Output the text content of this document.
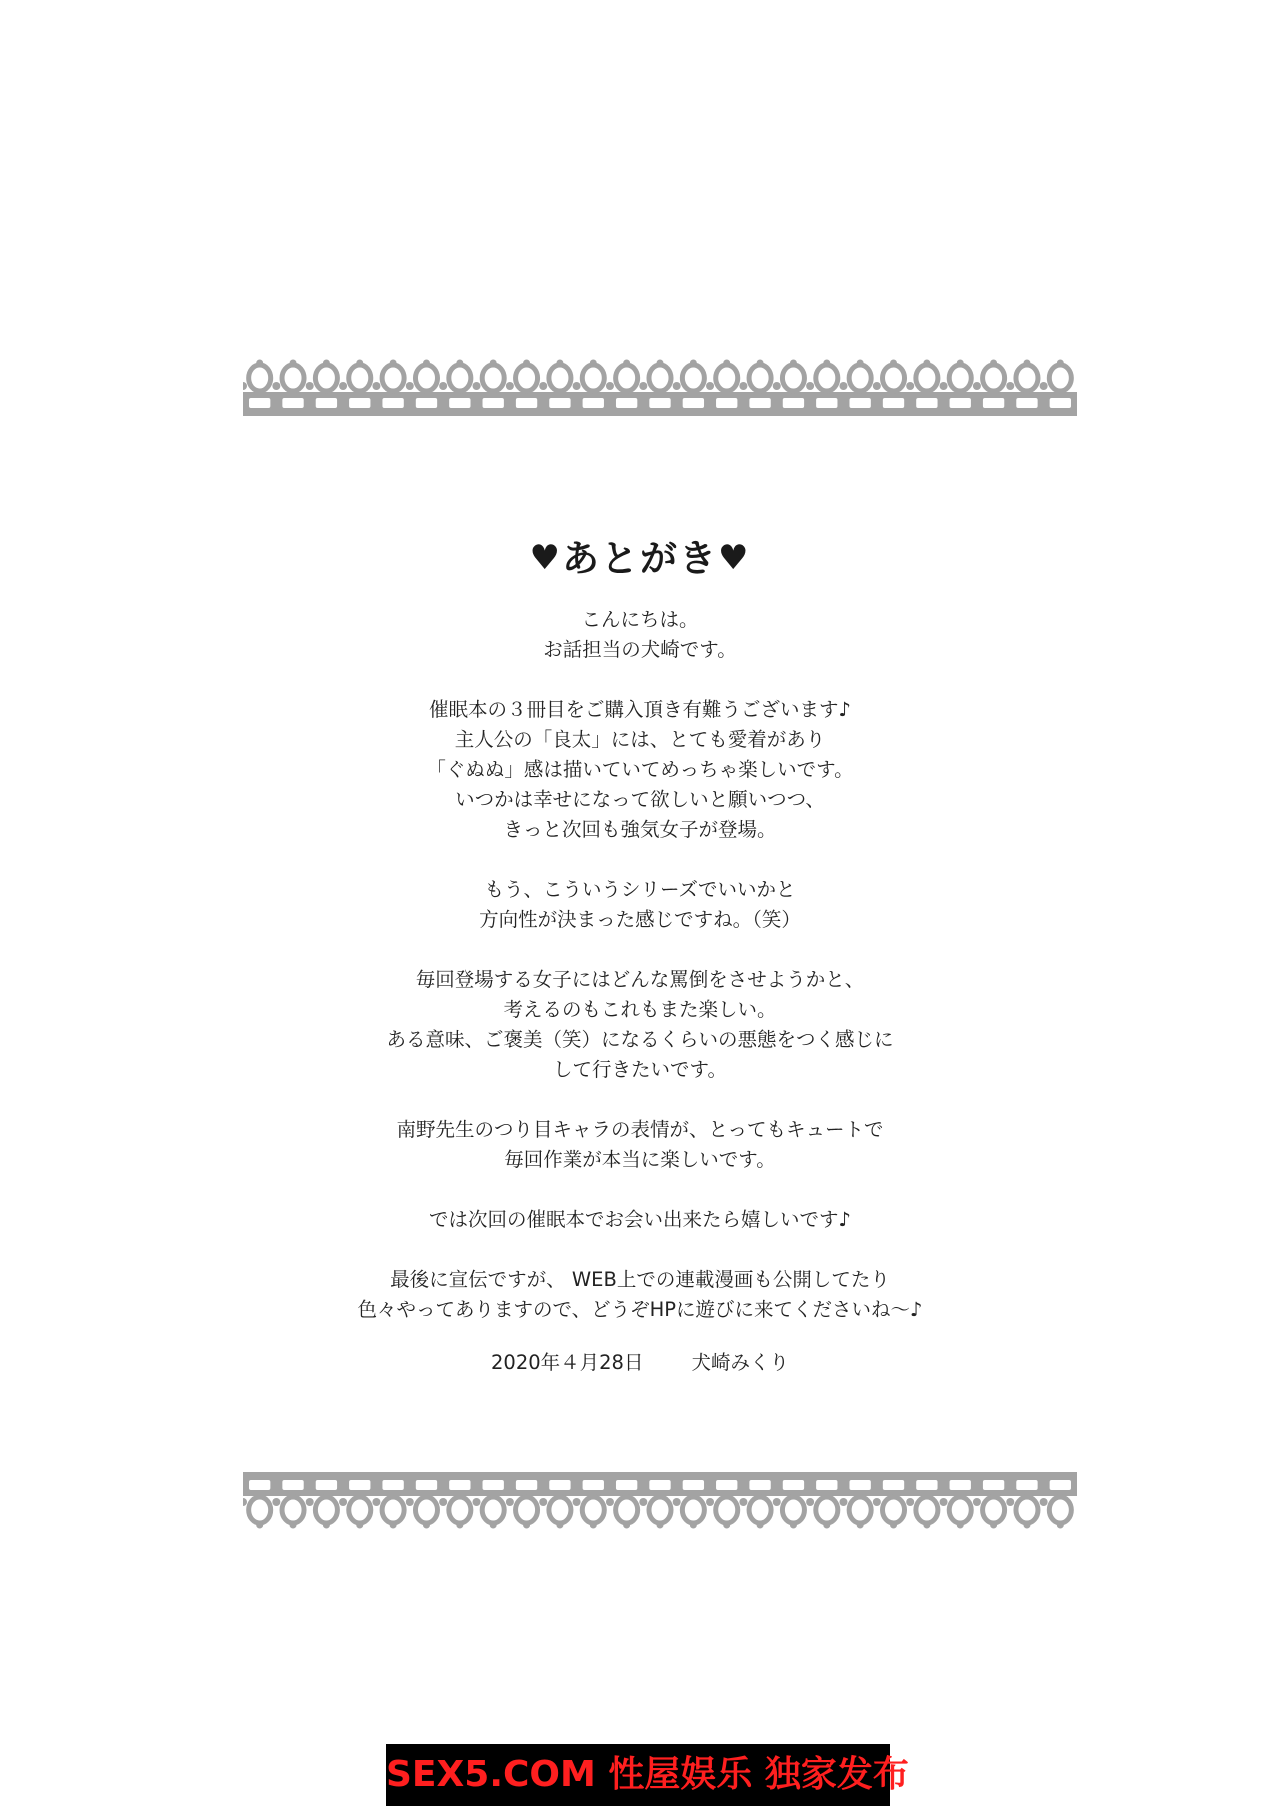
♥あとがき♥
こんにちは。
お話担当の犬崎です。
催眠本の３冊目をご購入頂き有難うございます♪
主人公の「良太」には、とても愛着があり
「ぐぬぬ」感は描いていてめっちゃ楽しいです。
いつかは幸せになって欲しいと願いつつ、
きっと次回も強気女子が登場。
もう、こういうシリーズでいいかと
方向性が決まった感じですね。（笑）
毎回登場する女子にはどんな罵倒をさせようかと、
考えるのもこれもまた楽しい。
ある意味、ご褒美（笑）になるくらいの悪態をつく感じに
して行きたいです。
南野先生のつり目キャラの表情が、とってもキュートで
毎回作業が本当に楽しいです。
では次回の催眠本でお会い出来たら嬉しいです♪
最後に宣伝ですが、 WEB上での連載漫画も公開してたり
色々やってありますので、どうぞHPに遊びに来てくださいね～♪
2020年４月28日 犬崎みくり
SEX5.COM 性屋娱乐 独家发布
